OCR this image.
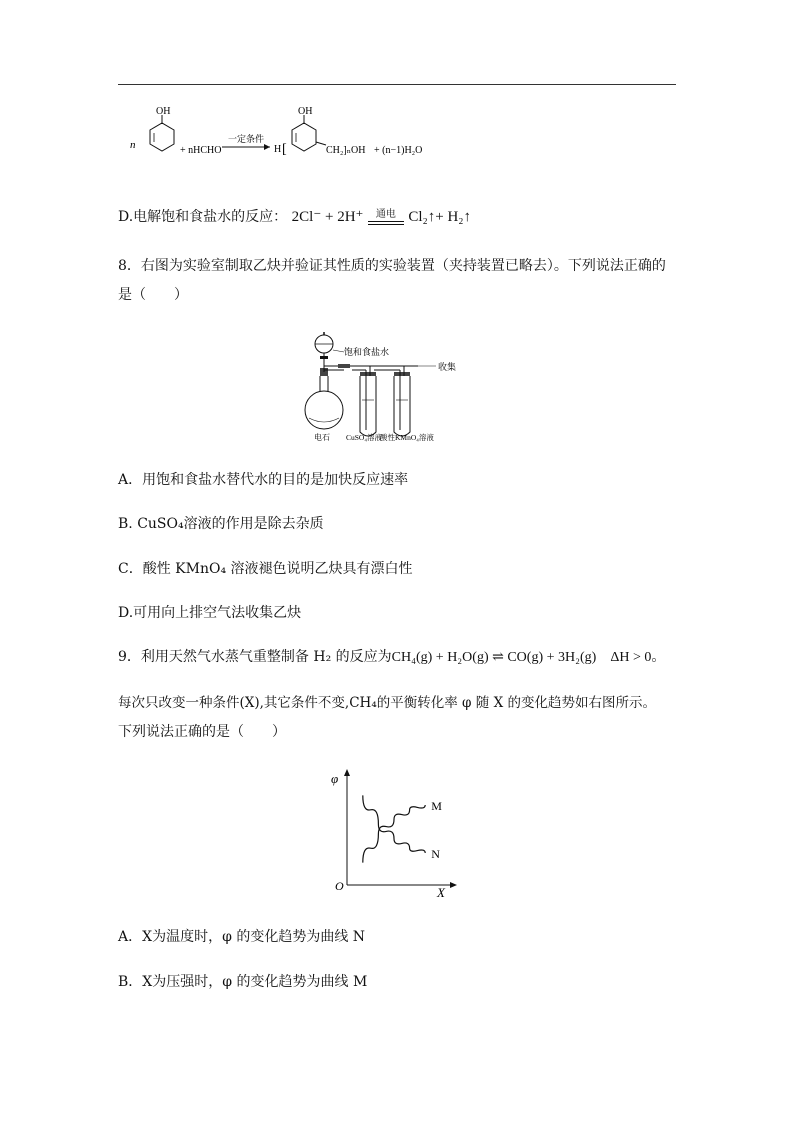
n
OH
+ nHCHO
一定条件
H [
OH
CH₂]ₙOH + (n−1)H₂O
D.电解饱和食盐水的反应： 2Cl⁻ + 2H⁺	通电 Cl₂↑+ H₂↑
8．右图为实验室制取乙炔并验证其性质的实验装置（夹持装置已略去）。下列说法正确的
是（　　）
饱和食盐水
电石 CuSO₄溶液
酸性KMnO₄溶液
收集
A．用饱和食盐水替代水的目的是加快反应速率
B. CuSO₄溶液的作用是除去杂质
C．酸性 KMnO₄ 溶液褪色说明乙炔具有漂白性
D.可用向上排空气法收集乙炔
9．利用天然气水蒸气重整制备 H₂ 的反应为CH₄(g) + H₂O(g) ⇌ CO(g) + 3H₂(g)　ΔH > 0。
每次只改变一种条件(X),其它条件不变,CH₄的平衡转化率 φ 随 X 的变化趋势如右图所示。
下列说法正确的是（　　）
φ
X
O
M
N
A．X为温度时，φ 的变化趋势为曲线 N
B．X为压强时，φ 的变化趋势为曲线 M
